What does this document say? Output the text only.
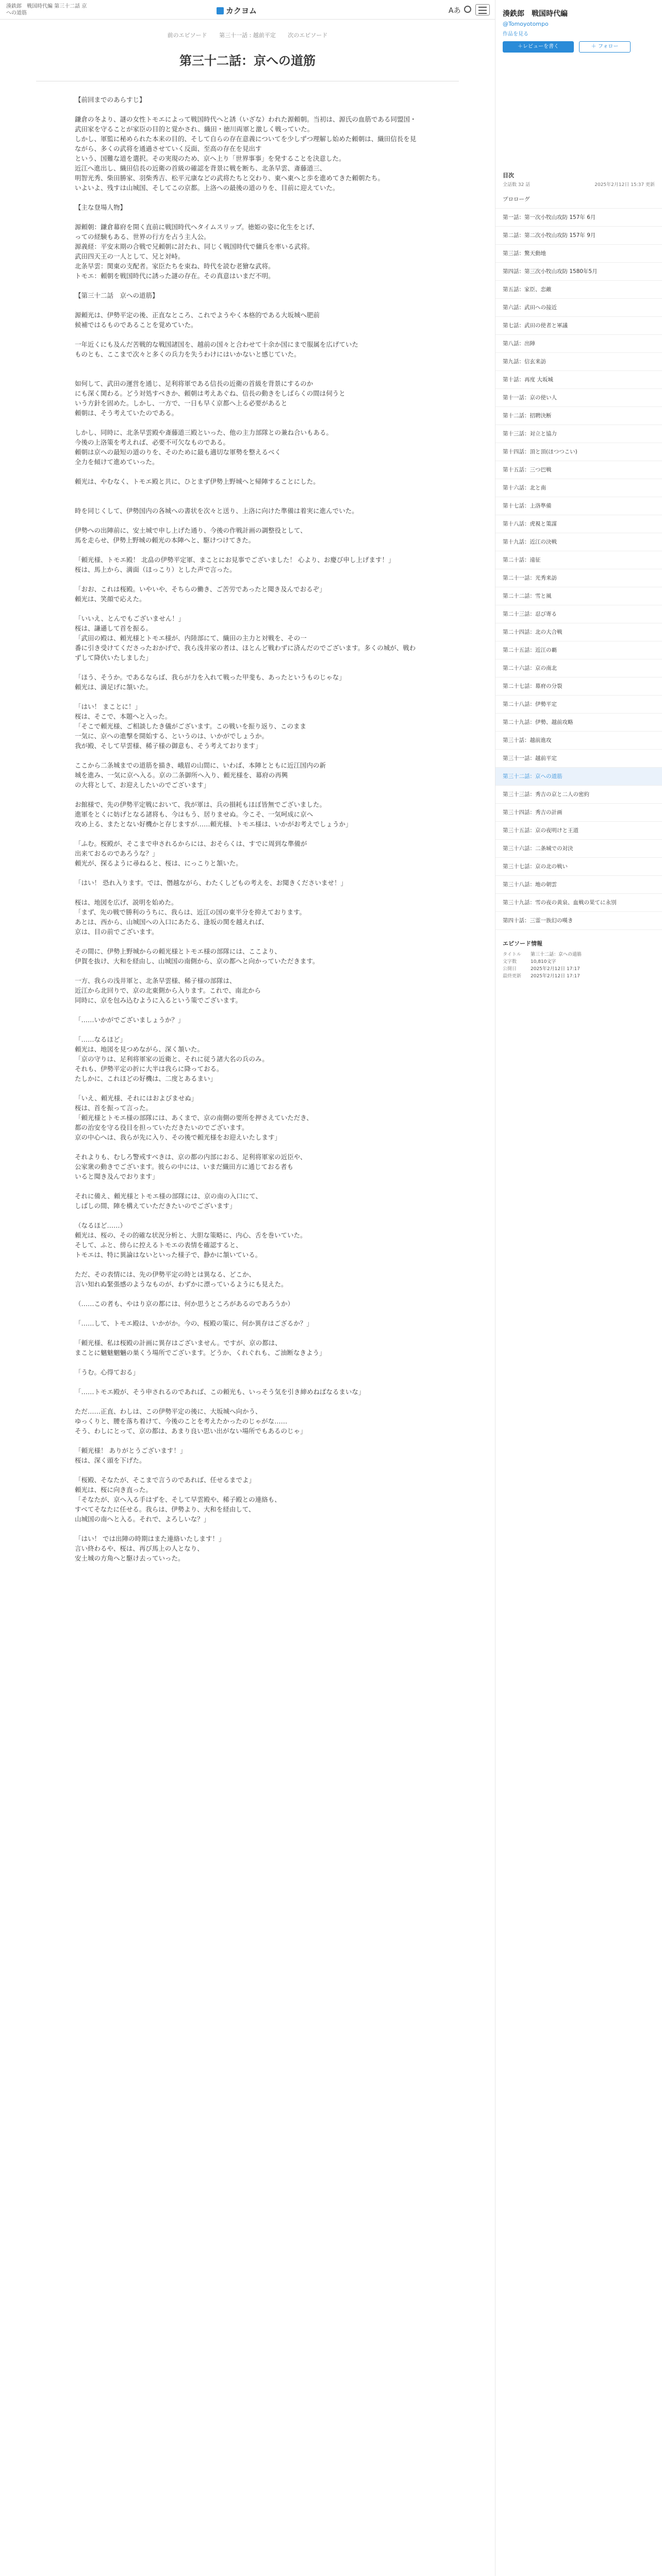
湊鉄郎　戦国時代編 第三十二話 京への道筋	カクヨム	Aあ
前のエピソード 第三十一話 : 越前平定 次のエピソード
第三十二話：京への道筋

【前回までのあらすじ】

鎌倉の冬より、謎の女性トモエによって戦国時代へと誘（いざな）われた源頼朝。当初は、源氏の血筋である同盟国・武田家を守ることが家臣の目的と覚かされ、織田・徳川両軍と激しく戦っていた。

しかし、軍監に秘められた本来の目的、そして自らの存在意義についてを少しずつ理解し始めた頼朝は、織田信長を見ながら、多くの武将を通過させていく反面、至高の存在を見出す

という、国難な道を選択。その実現のため、京へ上り「世界事事」を発することを決意した。

近江へ進出し、織田信長の近衛の首級の確認を背景に戦を断ち、北条早雲、斎藤道三、

明智光秀、柴田勝家、羽柴秀吉、松平元康などの武将たちと交わり、東へ東へと歩を進めてきた頼朝たち。

いよいよ、残すは山城国、そしてこの京都。上洛への最後の道のりを、目前に迎えていた。

【主な登場人物】

源頼朝：鎌倉幕府を開く直前に戦国時代へタイムスリップ。徳姫の姿に化生をとげ、

っての経験もある、世界の行方を占う主人公。

源義経：平安末期の合戦で兄頼朝に討たれ、同じく戦国時代で傭兵を率いる武将。

武田四天王の一人として、兄と対峙。

北条早雲：関東の支配者。家臣たちを束ね、時代を読む老獪な武将。

トモエ：頼朝を戦国時代に誘った謎の存在。その真意はいまだ不明。

【第三十二話　京への道筋】

源頼光は、伊勢平定の後、正直なところ、これでようやく本格的である大坂城へ肥前

候補ではるものであることを覚めていた。

一年近くにも及んだ苦戦的な戦国諸国を、越前の国々と合わせて十余か国にまで服属を広げていた

ものとも、ここまで次々と多くの兵力を失うわけにはいかないと感じていた。

如何して、武田の運営を通じ、足利将軍である信長の近衛の首級を背景にするのか

にも深く関わる。どう対処すべきか、頼朝は考えあぐね、信長の動きをしばらくの間は伺うと

いう方針を固めた。しかし、一方で、一日も早く京都へ上る必要があると

頼朝は、そう考えていたのである。

しかし、同時に、北条早雲殿や斎藤道三殿といった、他の主力部隊との兼ね合いもある。

今後の上洛策を考えれば、必要不可欠なものである。

頼朝は京への最短の道のりを、そのために最も適切な軍勢を整えるべく

全力を傾けて進めていった。

頼光は、やむなく、トモエ殿と共に、ひとまず伊勢上野城へと帰陣することにした。

時を同じくして、伊勢国内の各城への書状を次々と送り、上洛に向けた準備は着実に進んでいた。

伊勢への出陣前に、安土城で申し上げた通り、今後の作戦計画の調整役として、

馬を走らせ、伊勢上野城の頼光の本陣へと、駆けつけてきた。

「頼光様、トモエ殿！ 北畠の伊勢平定軍、まことにお見事でございました！ 心より、お慶び申し上げます！」

桜は、馬上から、満面（ほっこり）とした声で言った。

「おお、これは桜殿。いやいや、そちらの働き、ご苦労であったと聞き及んでおるぞ」

頼光は、笑顔で応えた。

「いいえ、とんでもございません！」

桜は、謙遜して首を振る。

「武田の殿は、頼光様とトモエ様が、内陸部にて、織田の主力と対戦を、その一

番に引き受けてくださったおかげで、我ら浅井家の者は、ほとんど戦わずに済んだのでございます。多くの城が、戦わずして降伏いたしました」

「ほう、そうか。であるならば、我らが力を入れて戦った甲斐も、あったというものじゃな」

頼光は、満足げに頷いた。

「はい！ まことに！」

桜は、そこで、本題へと入った。

「そこで頼光様、ご相談したき儀がございます。この戦いを振り返り、このまま

一気に、京への進撃を開始する、というのは、いかがでしょうか。

我が殿、そして早雲様、稀子様の御意も、そう考えております」

ここから二条城までの道筋を描き、峨眉の山間に、いわば、本陣とともに近江国内の新

城を進み、一気に京へ入る。京の二条御所へ入り、頼光様を、幕府の再興

の大将として、お迎えしたいのでございます」

お館様で、先の伊勢平定戦において、我が軍は、兵の損耗もほぼ皆無でございました。

進軍をとくに妨げとなる諸将も、今はもう、居りませぬ。今こそ、一気呵成に京へ

攻め上る、またとない好機かと存じますが……頼光様、トモエ様は、いかがお考えでしょうか」

「ふむ。桜殿が、そこまで申されるからには、おそらくは、すでに周到な準備が

出来ておるのであろうな？」

頼光が、探るように尋ねると、桜は、にっこりと頷いた。

「はい！ 恐れ入ります。では、僭越ながら、わたくしどもの考えを、お聞きくださいませ！」

桜は、地図を広げ、説明を始めた。

「まず、先の戦で勝利のうちに、我らは、近江の国の東半分を抑えております。

あとは、西から、山城国への入口にあたる、逢坂の関を越えれば、

京は、目の前でございます。

その間に、伊勢上野城からの頼光様とトモエ様の部隊には、ここより、

伊賀を抜け、大和を経由し、山城国の南側から、京の都へと向かっていただきます。

一方、我らの浅井軍と、北条早雲様、稀子様の部隊は、

近江から北回りで、京の北東側から入ります。これで、南北から

同時に、京を包み込むように入るという策でございます。

「……いかがでございましょうか？」

「……なるほど」

頼光は、地図を見つめながら、深く頷いた。

「京の守りは、足利将軍家の近衛と、それに従う諸大名の兵のみ。

それも、伊勢平定の折に大半は我らに降っておる。

たしかに、これほどの好機は、二度とあるまい」

「いえ、頼光様、それにはおよびませぬ」

桜は、首を振って言った。

「頼光様とトモエ様の部隊には、あくまで、京の南側の要所を押さえていただき、

都の治安を守る役目を担っていただきたいのでございます。

京の中心へは、我らが先に入り、その後で頼光様をお迎えいたします」

それよりも、むしろ警戒すべきは、京の都の内部におる、足利将軍家の近臣や、

公家衆の動きでございます。彼らの中には、いまだ織田方に通じておる者も

いると聞き及んでおります」

それに備え、頼光様とトモエ様の部隊には、京の南の入口にて、

しばしの間、陣を構えていただきたいのでございます」

（なるほど……）

頼光は、桜の、その的確な状況分析と、大胆な策略に、内心、舌を巻いていた。

そして、ふと、傍らに控えるトモエの表情を確認すると、

トモエは、特に異論はないといった様子で、静かに頷いている。

ただ、その表情には、先の伊勢平定の時とは異なる、どこか、

言い知れぬ緊張感のようなものが、わずかに漂っているようにも見えた。

（……この者も、やはり京の都には、何か思うところがあるのであろうか）

「……して、トモエ殿は、いかがか。今の、桜殿の策に、何か異存はござるか？」

「頼光様、私は桜殿の計画に異存はございません。ですが、京の都は、

まことに魑魅魍魎の巣くう場所でございます。どうか、くれぐれも、ご油断なきよう」

「うむ。心得ておる」

「……トモエ殿が、そう申されるのであれば、この頼光も、いっそう気を引き締めねばなるまいな」

ただ……正直、わしは、この伊勢平定の後に、大坂城へ向かう、

ゆっくりと、腰を落ち着けて、今後のことを考えたかったのじゃがな……

そう、わしにとって、京の都は、あまり良い思い出がない場所でもあるのじゃ」

「頼光様！ ありがとうございます！」

桜は、深く頭を下げた。

「桜殿、そなたが、そこまで言うのであれば、任せるまでよ」

頼光は、桜に向き直った。

「そなたが、京へ入る手はずを、そして早雲殿や、稀子殿との連絡も、

すべてそなたに任せる。我らは、伊勢より、大和を経由して、

山城国の南へと入る。それで、よろしいな？」

「はい！ では出陣の時期はまた連絡いたします！」

言い終わるや、桜は、再び馬上の人となり、

安土城の方角へと駆け去っていった。

湊鉄郎　戦国時代編
@Tomoyotompo
作品を見る
＋レビューを書く	＋ フォロー
目次
全話数 32 話	2025年2月12日 15:37 更新
プロローグ
第一話：第一次小牧山攻防 157年 6月
第二話：第二次小牧山攻防 157年 9月
第三話：驚天動地
第四話：第三次小牧山攻防 1580年5月
第五話：家臣、恋敵
第六話：武田への接近
第七話：武田の使者と軍議
第八話：出陣
第九話：信玄来訪
第十話：再度 大坂城
第十一話：京の使い人
第十二話：招聘決断
第十三話：対立と協力
第十四話：頂と頂(ほつつこい)
第十五話：三つ巴戦
第十六話：北と南
第十七話：上洛準備
第十八話：虎視と策謀
第十九話：近江の決戦
第二十話：遠征
第二十一話：光秀来訪
第二十二話：雪と風
第二十三話：忍び寄る
第二十四話：北の大合戦
第二十五話：近江の覇
第二十六話：京の南北
第二十七話：幕府の分裂
第二十八話：伊勢平定
第二十九話：伊勢、越前攻略
第三十話：越前進攻
第三十一話：越前平定
第三十二話：京への道筋
第三十三話：秀吉の京と二人の密約
第三十四話：秀吉の計画
第三十五話：京の夜明けと王道
第三十六話：二条城での対決
第三十七話：京の北の戦い
第三十八話：地の朝雲
第三十九話：雪の夜の黄泉、血戦の果てに永別
第四十話：三霊一族幻の嘆き
エピソード情報
タイトル	第三十二話：京への道筋
文字数	10,810文字
公開日	2025年2月12日 17:17
最終更新	2025年2月12日 17:17
